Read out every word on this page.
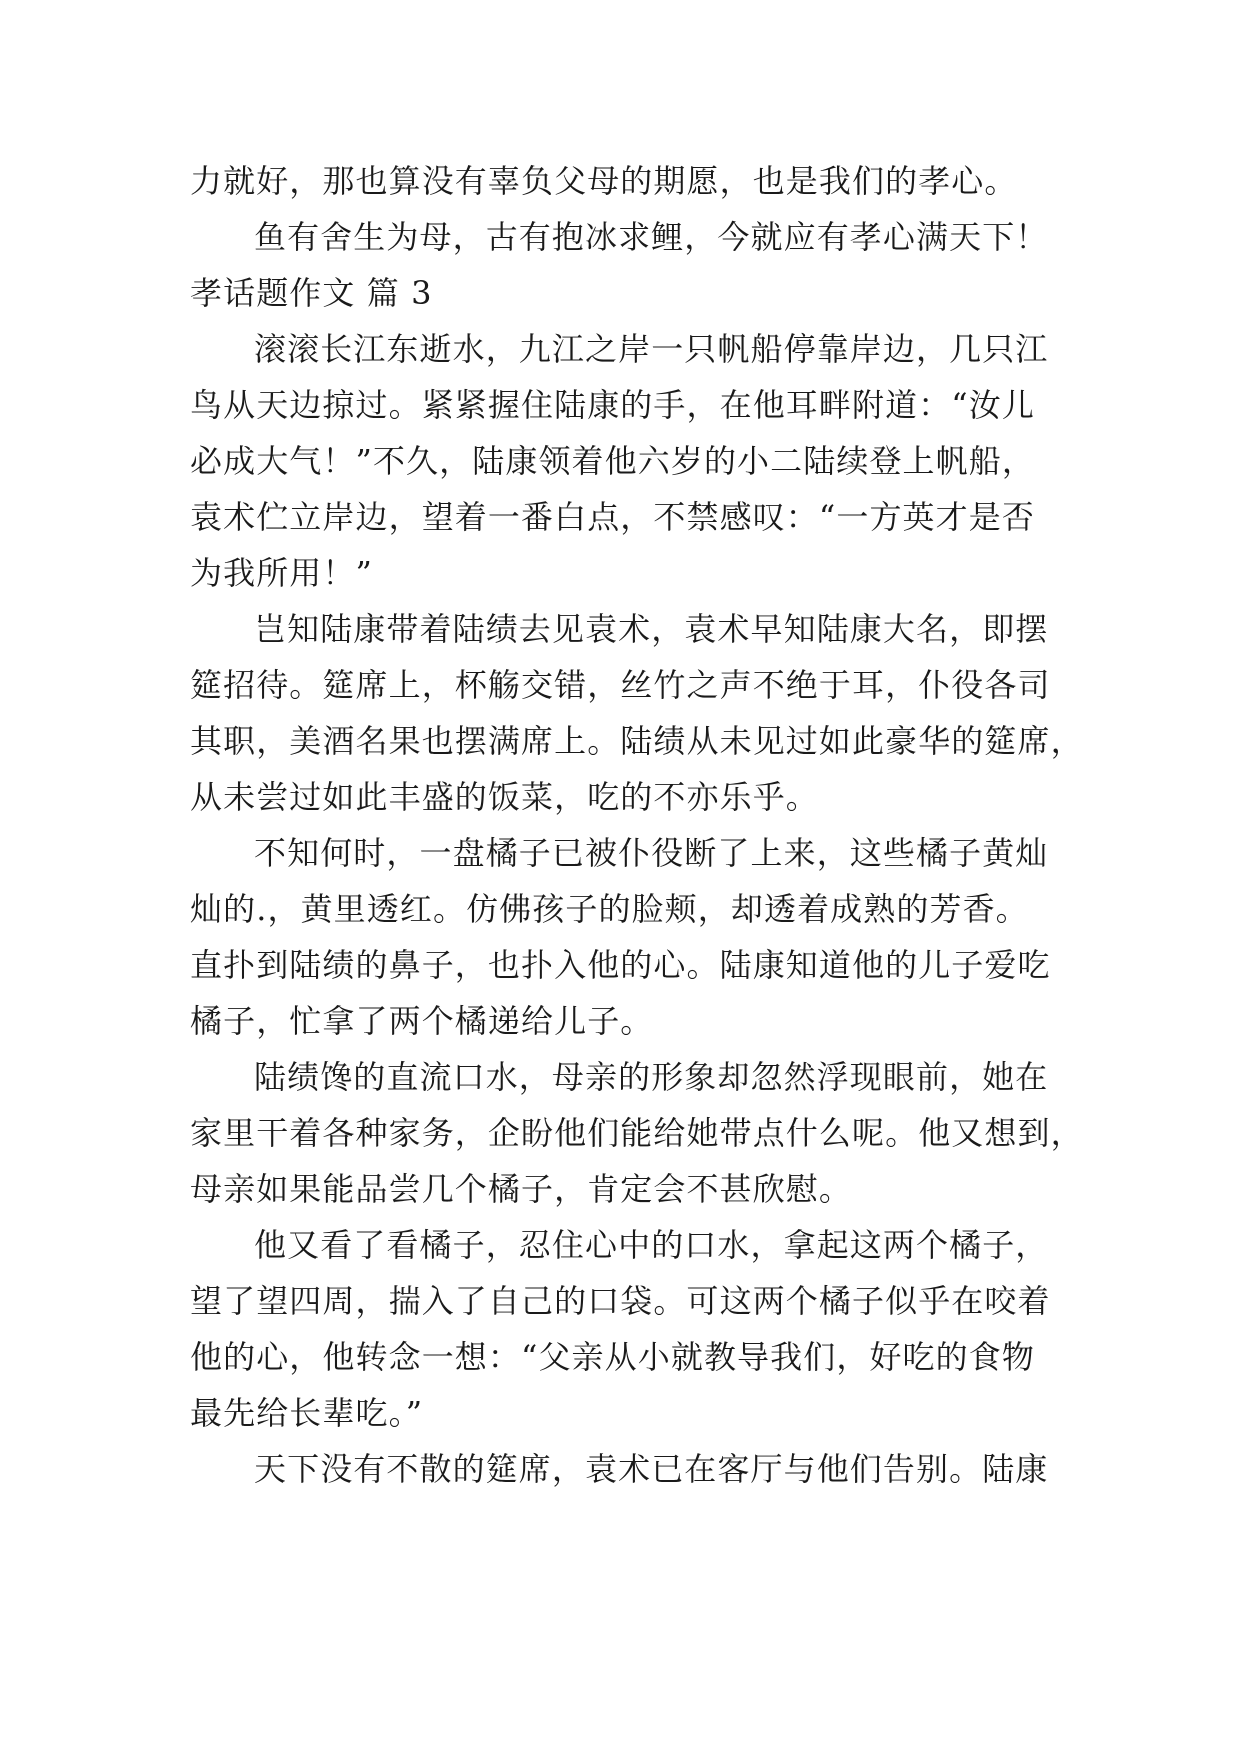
力就好，那也算没有辜负父母的期愿，也是我们的孝心。
鱼有舍生为母，古有抱冰求鲤，今就应有孝心满天下！
孝话题作文 篇 3
滚滚长江东逝水，九江之岸一只帆船停靠岸边，几只江
鸟从天边掠过。紧紧握住陆康的手，在他耳畔附道：“汝儿
必成大气！”不久，陆康领着他六岁的小二陆续登上帆船，
袁术伫立岸边，望着一番白点，不禁感叹：“一方英才是否
为我所用！”
岂知陆康带着陆绩去见袁术，袁术早知陆康大名，即摆
筵招待。筵席上，杯觞交错，丝竹之声不绝于耳，仆役各司
其职，美酒名果也摆满席上。陆绩从未见过如此豪华的筵席，
从未尝过如此丰盛的饭菜，吃的不亦乐乎。
不知何时，一盘橘子已被仆役断了上来，这些橘子黄灿
灿的.，黄里透红。仿佛孩子的脸颊，却透着成熟的芳香。
直扑到陆绩的鼻子，也扑入他的心。陆康知道他的儿子爱吃
橘子，忙拿了两个橘递给儿子。
陆绩馋的直流口水，母亲的形象却忽然浮现眼前，她在
家里干着各种家务，企盼他们能给她带点什么呢。他又想到，
母亲如果能品尝几个橘子，肯定会不甚欣慰。
他又看了看橘子，忍住心中的口水，拿起这两个橘子，
望了望四周，揣入了自己的口袋。可这两个橘子似乎在咬着
他的心，他转念一想：“父亲从小就教导我们，好吃的食物
最先给长辈吃。”
天下没有不散的筵席，袁术已在客厅与他们告别。陆康
